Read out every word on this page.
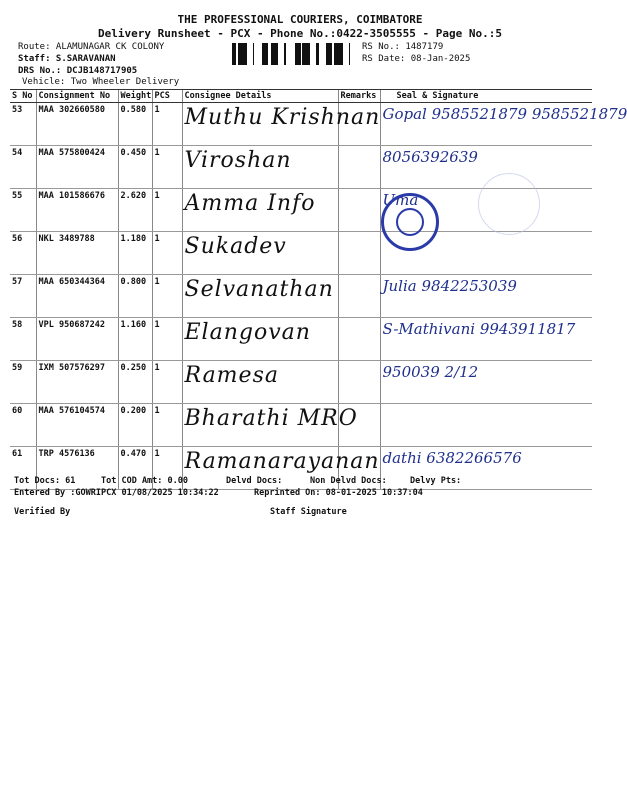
THE PROFESSIONAL COURIERS, COIMBATORE
Delivery Runsheet - PCX - Phone No.:0422-3505555 - Page No.:5
Route: ALAMUNAGAR CK COLONY
Staff: S.SARAVANAN
DRS No.: DCJB148717905
Vehicle: Two Wheeler Delivery
RS No.: 1487179
RS Date: 08-Jan-2025
S No	Consignment No	Weight	PCS	Consignee Details	Remarks	Seal & Signature
53	MAA 302660580	0.580	1	Muthu Krishnan		Gopal 9585521879 9585521879
54	MAA 575800424	0.450	1	Viroshan		8056392639
55	MAA 101586676	2.620	1	Amma Info		Uma
56	NKL 3489788	1.180	1	Sukadev		
57	MAA 650344364	0.800	1	Selvanathan		Julia 9842253039
58	VPL 950687242	1.160	1	Elangovan		S-Mathivani 9943911817
59	IXM 507576297	0.250	1	Ramesa		950039 2/12
60	MAA 576104574	0.200	1	Bharathi MRO		
61	TRP 4576136	0.470	1	Ramanarayanan		dathi 6382266576
Tot Docs: 61	Tot COD Amt: 0.00	Delvd Docs:	Non Delvd Docs:	Delvy Pts:
Entered By :GOWRIPCX 01/08/2025 10:34:22	Reprinted On: 08-01-2025 10:37:04
Verified By	Staff Signature
